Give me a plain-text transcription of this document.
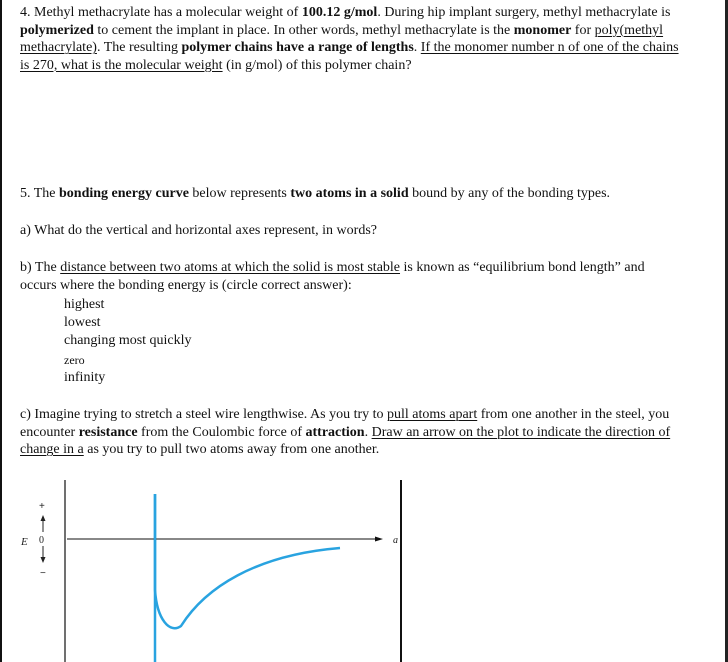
4. Methyl methacrylate has a molecular weight of 100.12 g/mol. During hip implant surgery, methyl methacrylate is polymerized to cement the implant in place. In other words, methyl methacrylate is the monomer for poly(methyl methacrylate). The resulting polymer chains have a range of lengths. If the monomer number n of one of the chains is 270, what is the molecular weight (in g/mol) of this polymer chain?
5. The bonding energy curve below represents two atoms in a solid bound by any of the bonding types.
a) What do the vertical and horizontal axes represent, in words?
b) The distance between two atoms at which the solid is most stable is known as “equilibrium bond length” and occurs where the bonding energy is (circle correct answer):
highest
lowest
changing most quickly
zero
infinity
c) Imagine trying to stretch a steel wire lengthwise. As you try to pull atoms apart from one another in the steel, you encounter resistance from the Coulombic force of attraction. Draw an arrow on the plot to indicate the direction of change in a as you try to pull two atoms away from one another.
a
E
+
0
−
